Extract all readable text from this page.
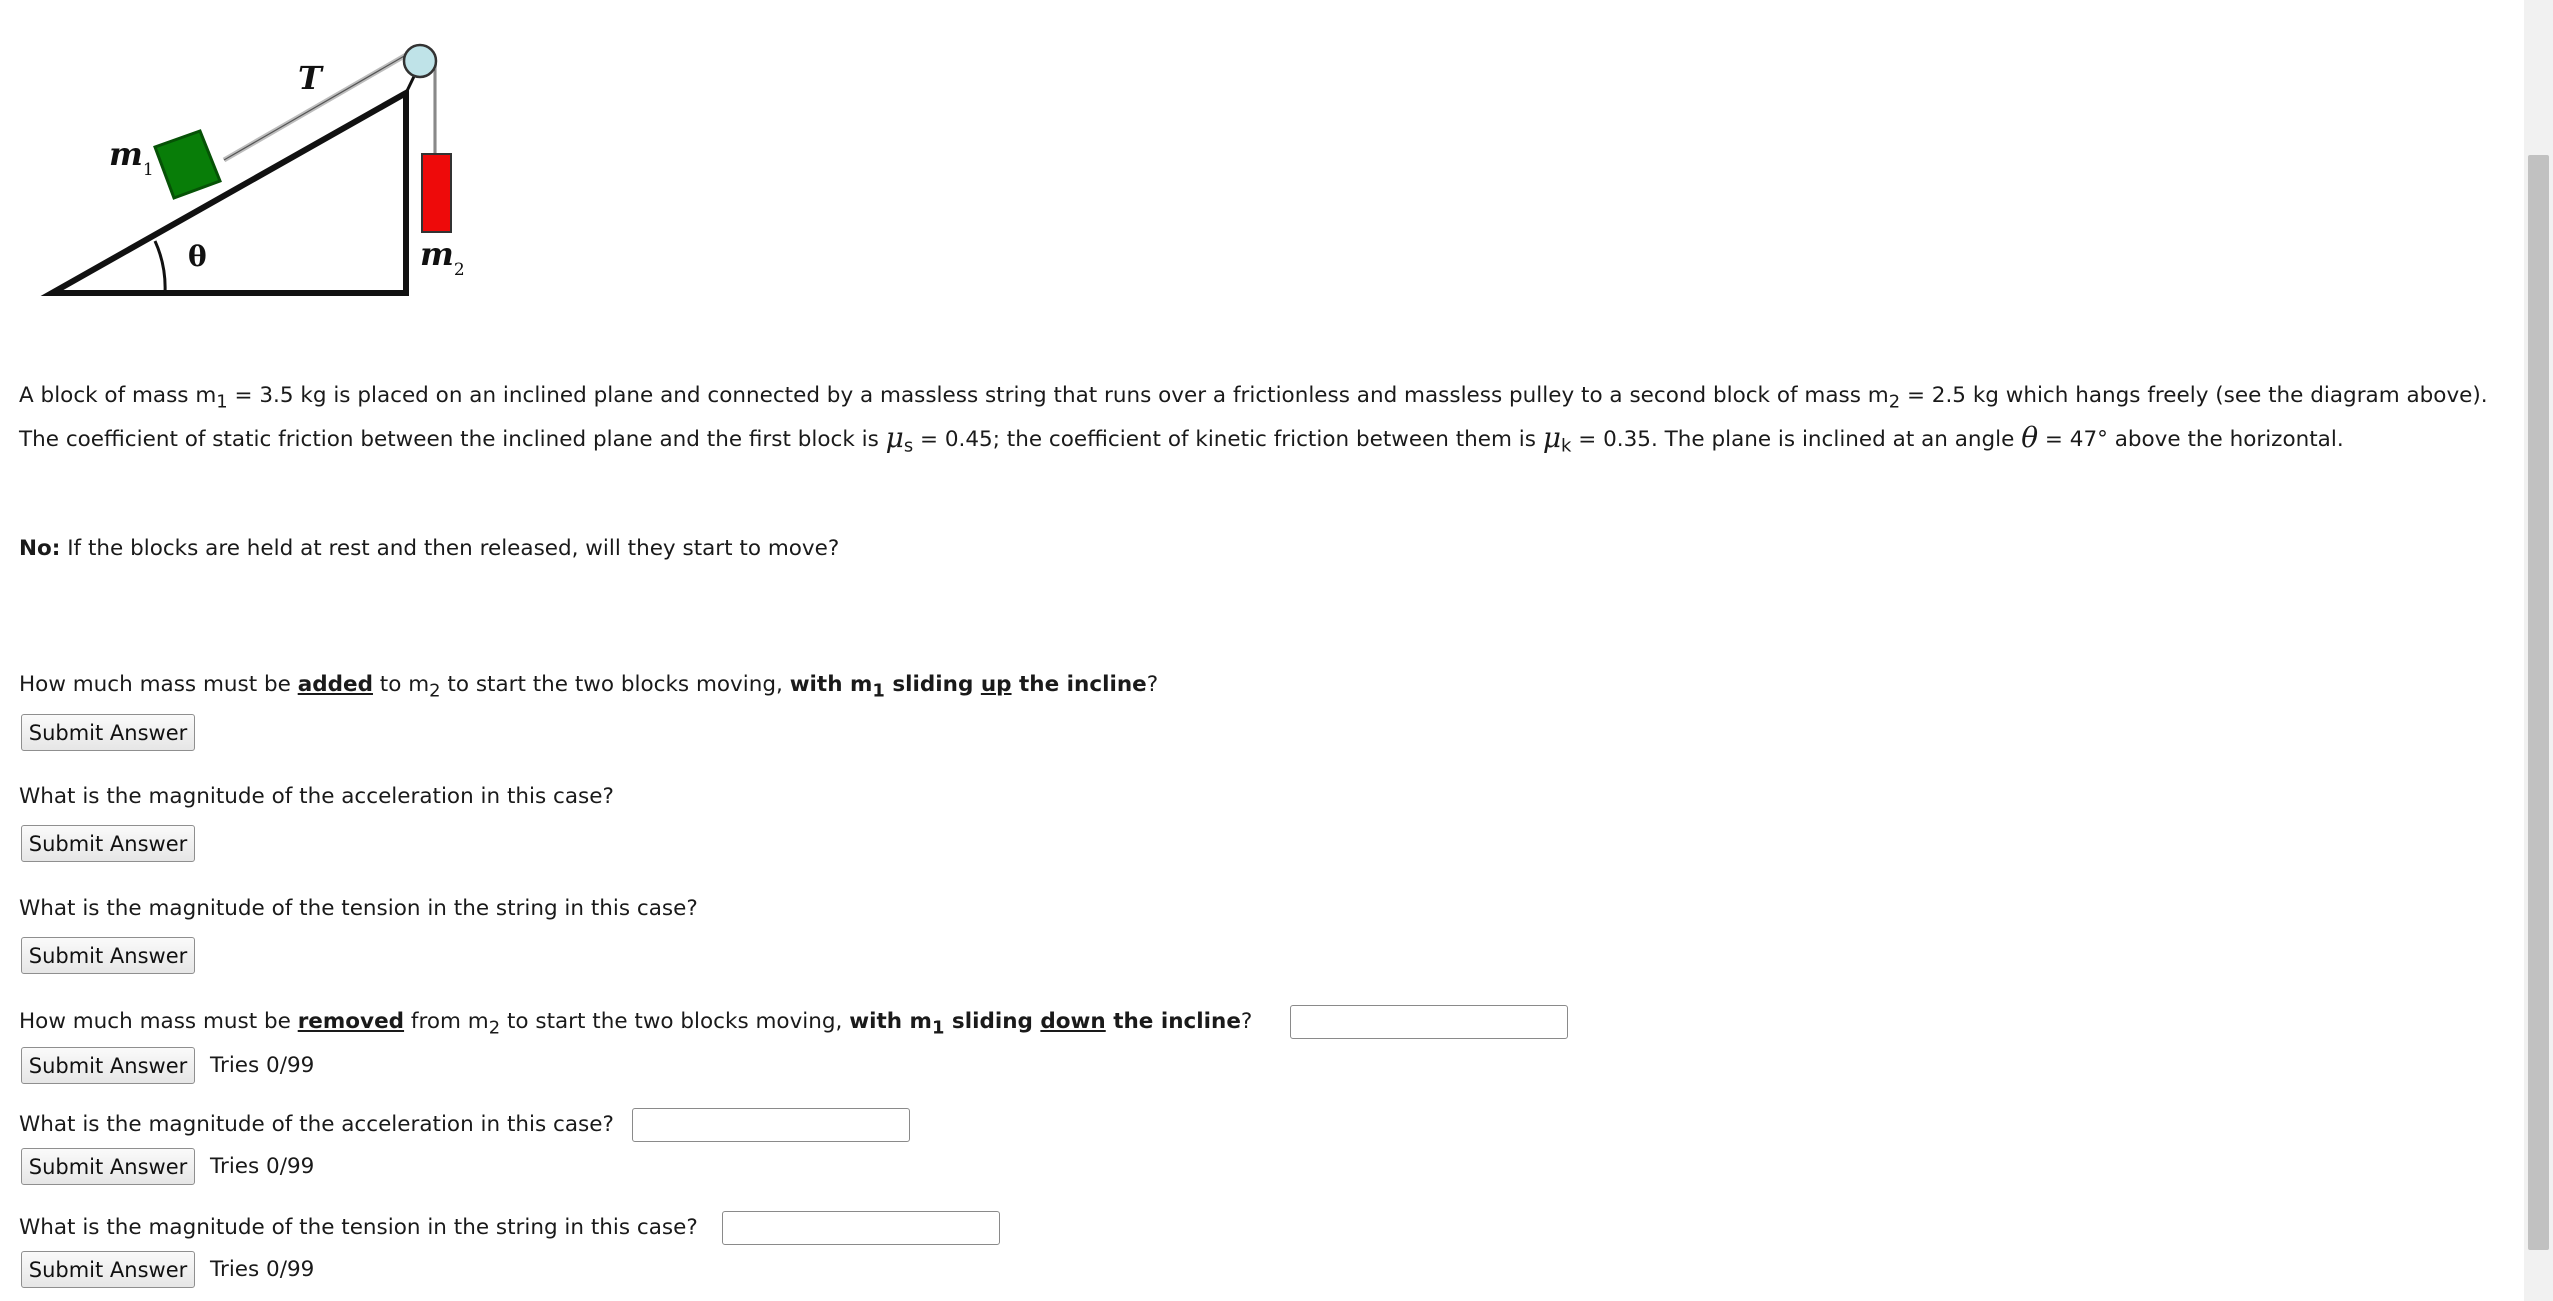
T
$m_1$
$m_2$
θ
A block of mass $m_1 = 3.5$ kg is placed on an inclined plane and connected by a massless string that runs over a frictionless and massless pulley to a second block of mass $m_2 = 2.5$ kg which hangs freely (see the diagram above). The coefficient of static friction between the inclined plane and the first block is $\mu_s = 0.45$; the coefficient of kinetic friction between them is $\mu_k = 0.35$. The plane is inclined at an angle θ = 47° above the horizontal.
No: If the blocks are held at rest and then released, will they start to move?
How much mass must be added to $m_2$ to start the two blocks moving, with $m_1$ sliding up the incline?
Submit Answer
What is the magnitude of the acceleration in this case?
Submit Answer
What is the magnitude of the tension in the string in this case?
Submit Answer
How much mass must be removed from $m_2$ to start the two blocks moving, with $m_1$ sliding down the incline?
Submit Answer	Tries 0/99
What is the magnitude of the acceleration in this case?
Submit Answer	Tries 0/99
What is the magnitude of the tension in the string in this case?
Submit Answer	Tries 0/99
